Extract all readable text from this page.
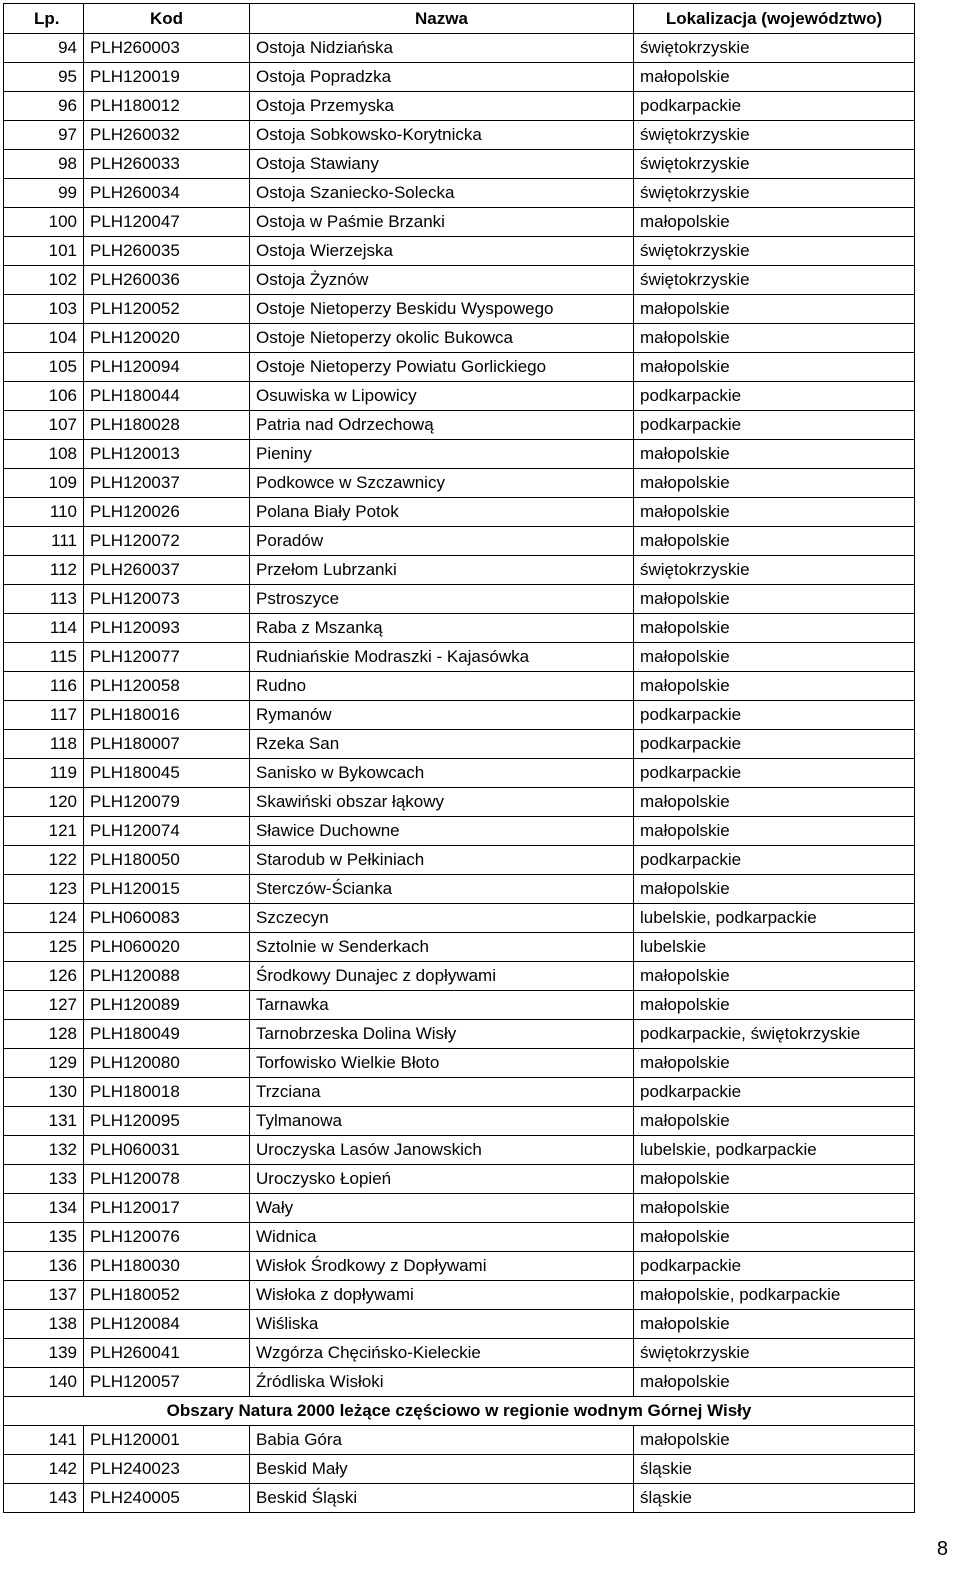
Lp.	Kod	Nazwa	Lokalizacja (województwo)
94	PLH260003	Ostoja Nidziańska	świętokrzyskie
95	PLH120019	Ostoja Popradzka	małopolskie
96	PLH180012	Ostoja Przemyska	podkarpackie
97	PLH260032	Ostoja Sobkowsko-Korytnicka	świętokrzyskie
98	PLH260033	Ostoja Stawiany	świętokrzyskie
99	PLH260034	Ostoja Szaniecko-Solecka	świętokrzyskie
100	PLH120047	Ostoja w Paśmie Brzanki	małopolskie
101	PLH260035	Ostoja Wierzejska	świętokrzyskie
102	PLH260036	Ostoja Żyznów	świętokrzyskie
103	PLH120052	Ostoje Nietoperzy Beskidu Wyspowego	małopolskie
104	PLH120020	Ostoje Nietoperzy okolic Bukowca	małopolskie
105	PLH120094	Ostoje Nietoperzy Powiatu Gorlickiego	małopolskie
106	PLH180044	Osuwiska w Lipowicy	podkarpackie
107	PLH180028	Patria nad Odrzechową	podkarpackie
108	PLH120013	Pieniny	małopolskie
109	PLH120037	Podkowce w Szczawnicy	małopolskie
110	PLH120026	Polana Biały Potok	małopolskie
111	PLH120072	Poradów	małopolskie
112	PLH260037	Przełom Lubrzanki	świętokrzyskie
113	PLH120073	Pstroszyce	małopolskie
114	PLH120093	Raba z Mszanką	małopolskie
115	PLH120077	Rudniańskie Modraszki - Kajasówka	małopolskie
116	PLH120058	Rudno	małopolskie
117	PLH180016	Rymanów	podkarpackie
118	PLH180007	Rzeka San	podkarpackie
119	PLH180045	Sanisko w Bykowcach	podkarpackie
120	PLH120079	Skawiński obszar łąkowy	małopolskie
121	PLH120074	Sławice Duchowne	małopolskie
122	PLH180050	Starodub w Pełkiniach	podkarpackie
123	PLH120015	Sterczów-Ścianka	małopolskie
124	PLH060083	Szczecyn	lubelskie, podkarpackie
125	PLH060020	Sztolnie w Senderkach	lubelskie
126	PLH120088	Środkowy Dunajec z dopływami	małopolskie
127	PLH120089	Tarnawka	małopolskie
128	PLH180049	Tarnobrzeska Dolina Wisły	podkarpackie, świętokrzyskie
129	PLH120080	Torfowisko Wielkie Błoto	małopolskie
130	PLH180018	Trzciana	podkarpackie
131	PLH120095	Tylmanowa	małopolskie
132	PLH060031	Uroczyska Lasów Janowskich	lubelskie, podkarpackie
133	PLH120078	Uroczysko Łopień	małopolskie
134	PLH120017	Wały	małopolskie
135	PLH120076	Widnica	małopolskie
136	PLH180030	Wisłok Środkowy z Dopływami	podkarpackie
137	PLH180052	Wisłoka z dopływami	małopolskie, podkarpackie
138	PLH120084	Wiśliska	małopolskie
139	PLH260041	Wzgórza Chęcińsko-Kieleckie	świętokrzyskie
140	PLH120057	Źródliska Wisłoki	małopolskie
Obszary Natura 2000 leżące częściowo w regionie wodnym Górnej Wisły			
141	PLH120001	Babia Góra	małopolskie
142	PLH240023	Beskid Mały	śląskie
143	PLH240005	Beskid Śląski	śląskie
8
